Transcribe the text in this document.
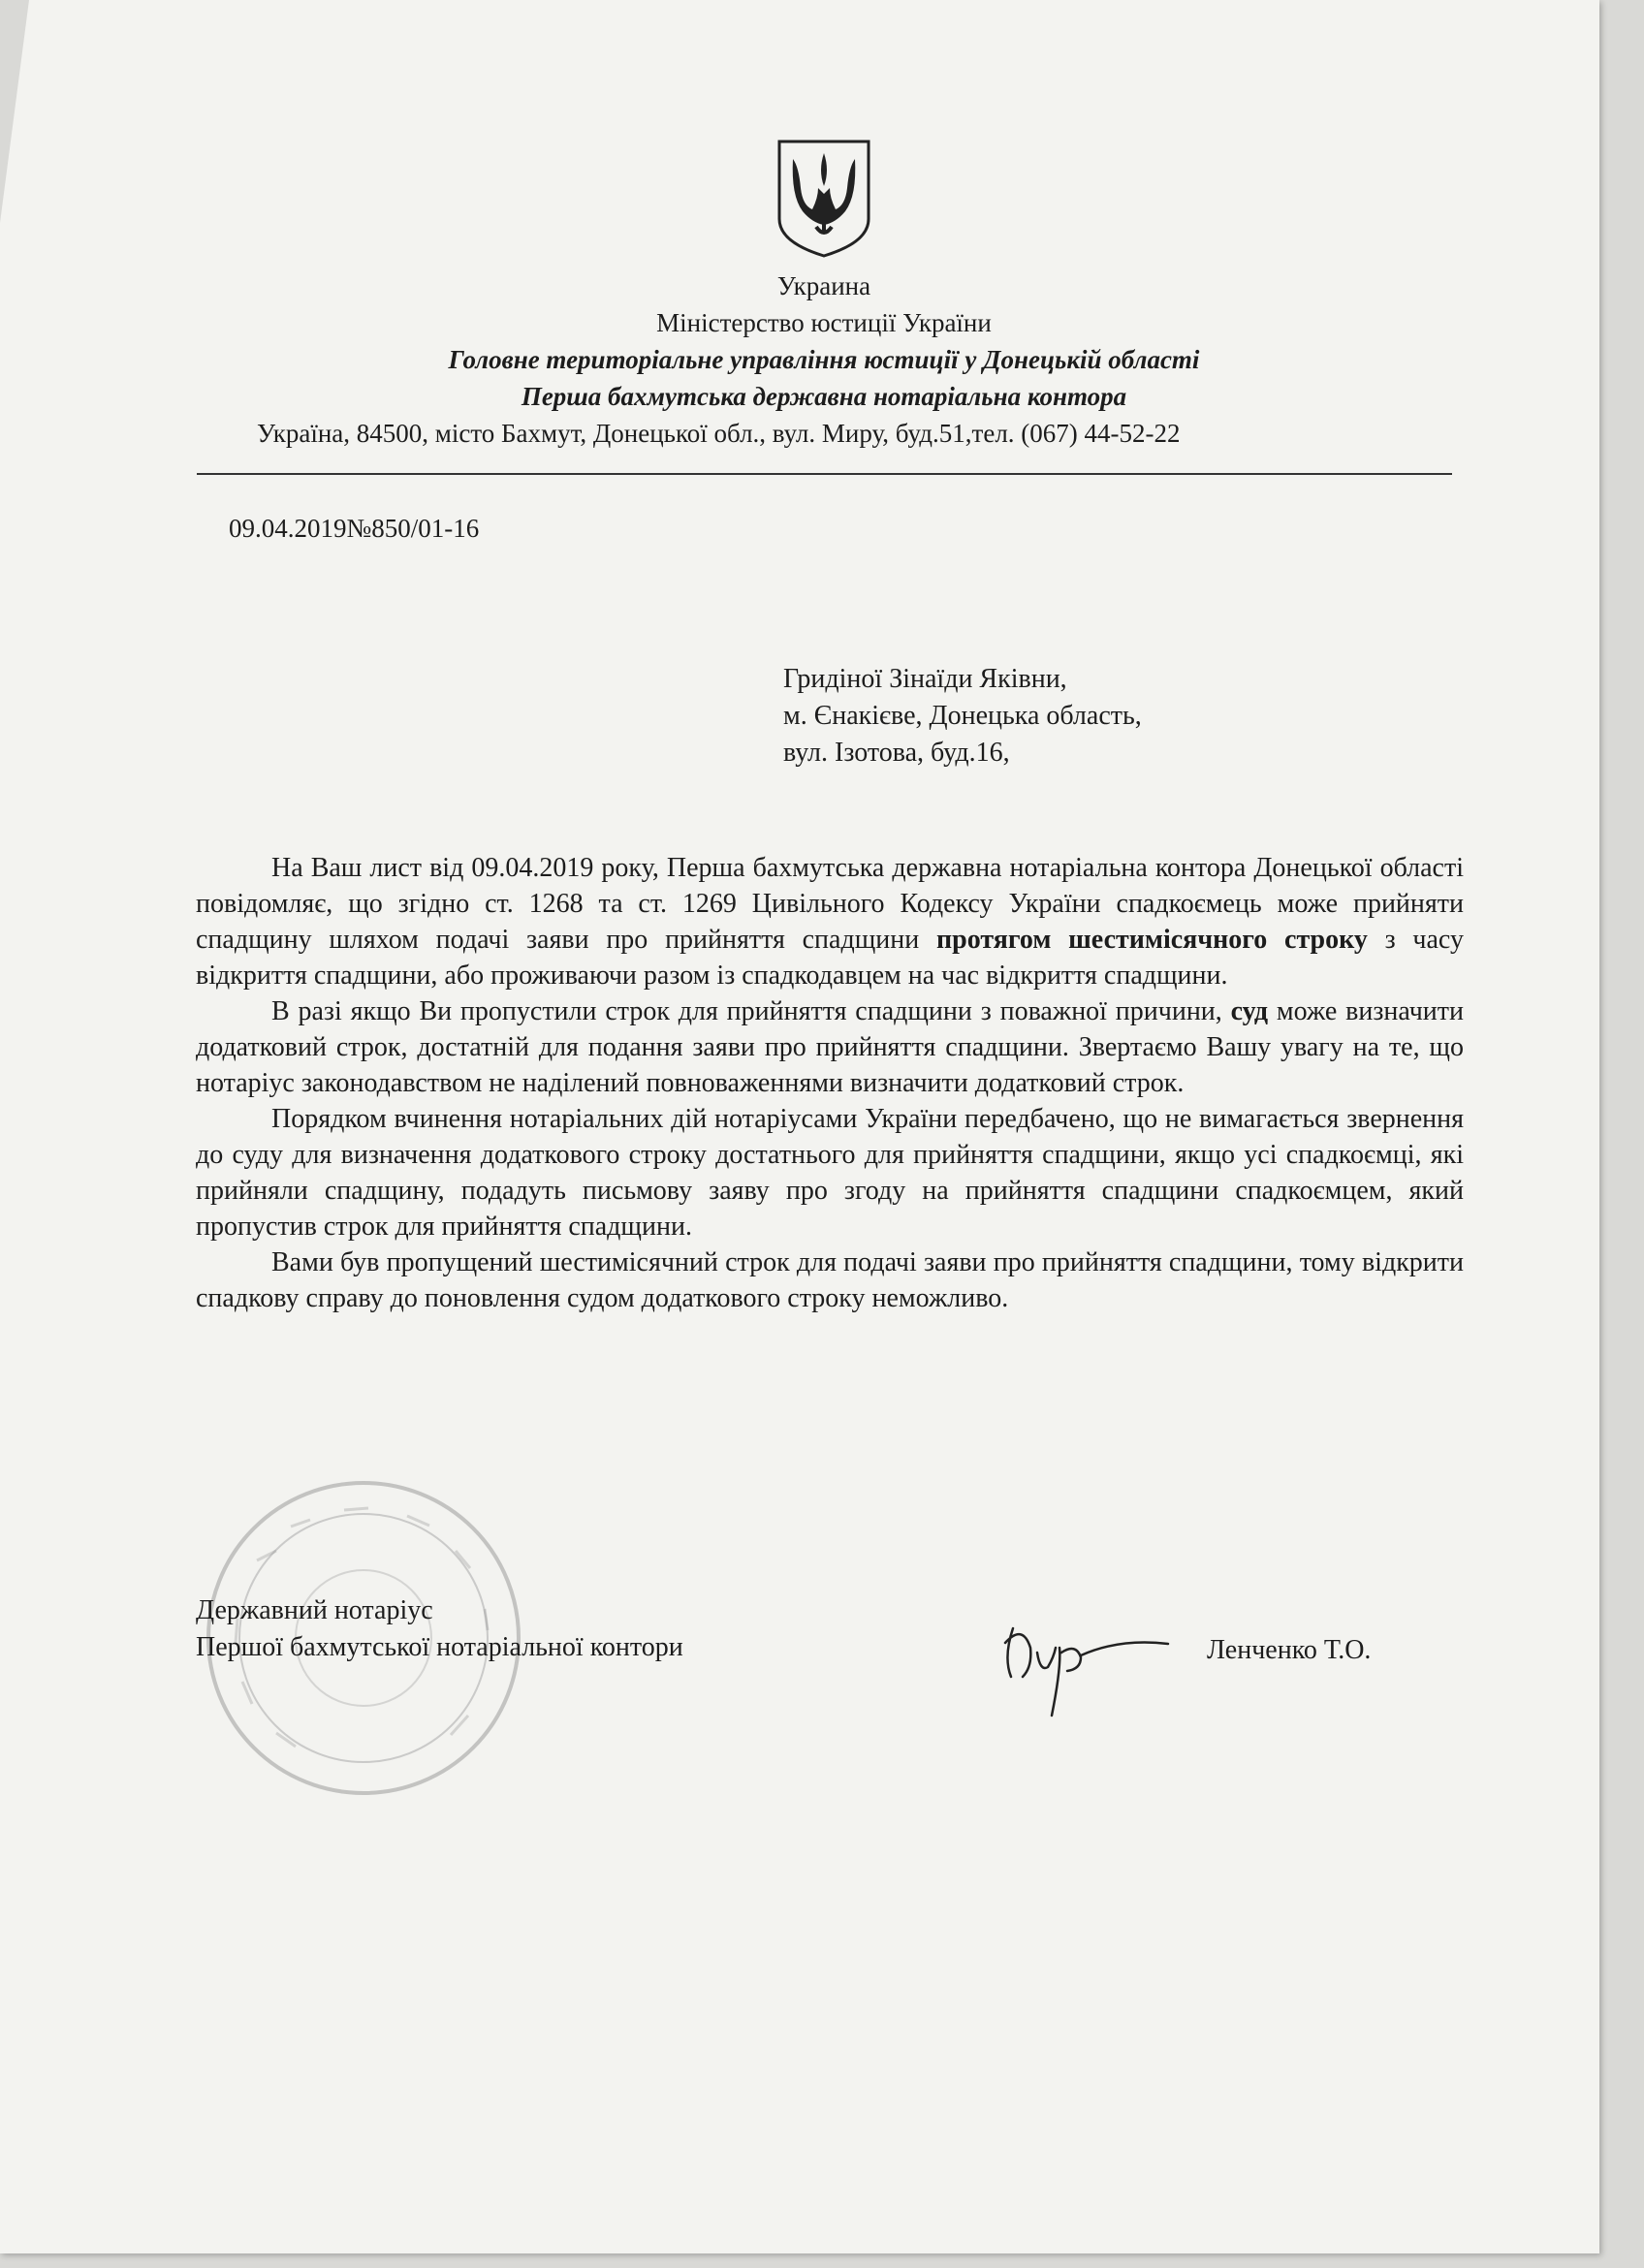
Украина
Міністерство юстиції України
Головне територіальне управління юстиції у Донецькій області
Перша бахмутська державна нотаріальна контора
Україна, 84500, місто Бахмут, Донецької обл., вул. Миру, буд.51,тел. (067) 44-52-22
09.04.2019№850/01-16
Гридіної Зінаїди Яківни,
м. Єнакієве, Донецька область,
вул. Ізотова, буд.16,

На Ваш лист від 09.04.2019 року, Перша бахмутська державна нотаріальна контора Донецької області повідомляє, що згідно ст. 1268 та ст. 1269 Цивільного Кодексу України спадкоємець може прийняти спадщину шляхом подачі заяви про прийняття спадщини протягом шестимісячного строку з часу відкриття спадщини, або проживаючи разом із спадкодавцем на час відкриття спадщини.

В разі якщо Ви пропустили строк для прийняття спадщини з поважної причини, суд може визначити додатковий строк, достатній для подання заяви про прийняття спадщини. Звертаємо Вашу увагу на те, що нотаріус законодавством не наділений повноваженнями визначити додатковий строк.

Порядком вчинення нотаріальних дій нотаріусами України передбачено, що не вимагається звернення до суду для визначення додаткового строку достатнього для прийняття спадщини, якщо усі спадкоємці, які прийняли спадщину, подадуть письмову заяву про згоду на прийняття спадщини спадкоємцем, який пропустив строк для прийняття спадщини.

Вами був пропущений шестимісячний строк для подачі заяви про прийняття спадщини, тому відкрити спадкову справу до поновлення судом додаткового строку неможливо.

Державний нотаріус
Першої бахмутської нотаріальної контори	Ленченко Т.О.
